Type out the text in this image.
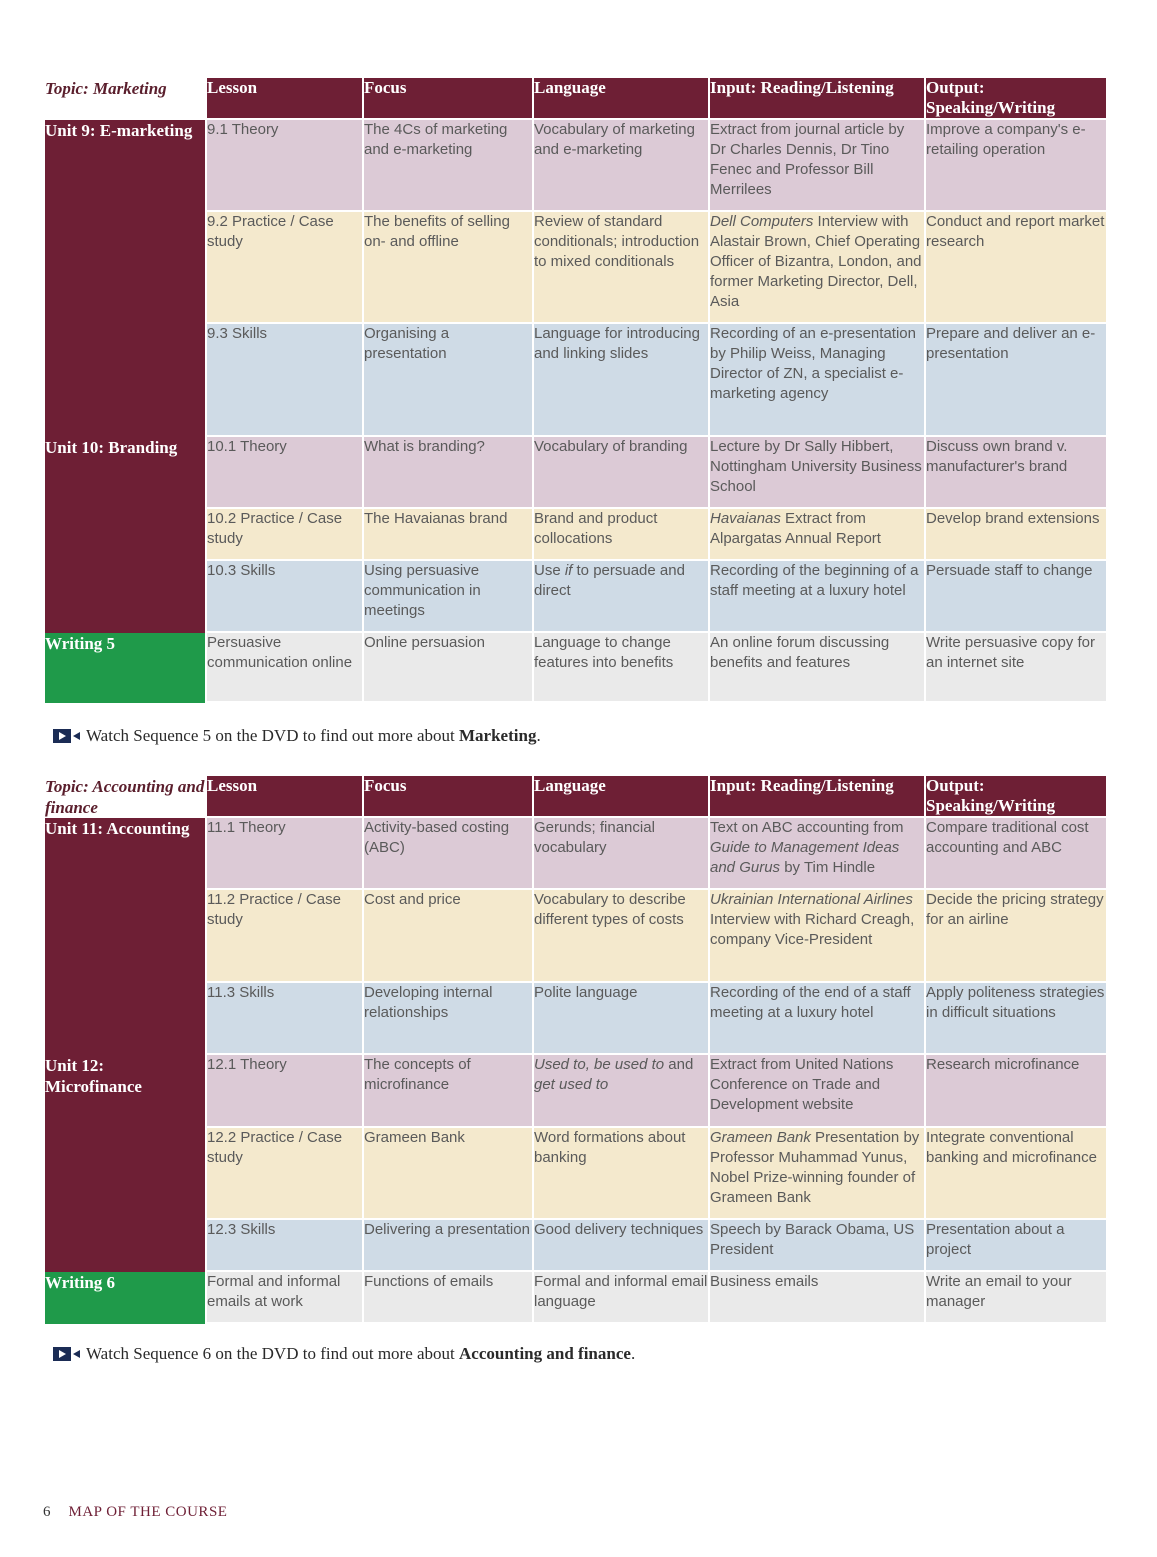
Topic: Marketing	Lesson	Focus	Language	Input: Reading/Listening	Output: Speaking/Writing
Unit 9: E-marketing	9.1 Theory	The 4Cs of marketing and e-marketing	Vocabulary of marketing and e-marketing	Extract from journal article by Dr Charles Dennis, Dr Tino Fenec and Professor Bill Merrilees	Improve a company's e-retailing operation
	9.2 Practice / Case study	The benefits of selling on- and offline	Review of standard conditionals; introduction to mixed conditionals	Dell Computers Interview with Alastair Brown, Chief Operating Officer of Bizantra, London, and former Marketing Director, Dell, Asia	Conduct and report market research
	9.3 Skills	Organising a presentation	Language for introducing and linking slides	Recording of an e-presentation by Philip Weiss, Managing Director of ZN, a specialist e-marketing agency	Prepare and deliver an e-presentation
Unit 10: Branding	10.1 Theory	What is branding?	Vocabulary of branding	Lecture by Dr Sally Hibbert, Nottingham University Business School	Discuss own brand v. manufacturer's brand
	10.2 Practice / Case study	The Havaianas brand	Brand and product collocations	Havaianas Extract from Alpargatas Annual Report	Develop brand extensions
	10.3 Skills	Using persuasive communication in meetings	Use if to persuade and direct	Recording of the beginning of a staff meeting at a luxury hotel	Persuade staff to change
Writing 5	Persuasive communication online	Online persuasion	Language to change features into benefits	An online forum discussing benefits and features	Write persuasive copy for an internet site
Watch Sequence 5 on the DVD to find out more about Marketing.
Topic: Accounting and finance	Lesson	Focus	Language	Input: Reading/Listening	Output: Speaking/Writing
Unit 11: Accounting	11.1 Theory	Activity-based costing (ABC)	Gerunds; financial vocabulary	Text on ABC accounting from Guide to Management Ideas and Gurus by Tim Hindle	Compare traditional cost accounting and ABC
	11.2 Practice / Case study	Cost and price	Vocabulary to describe different types of costs	Ukrainian International Airlines Interview with Richard Creagh, company Vice-President	Decide the pricing strategy for an airline
	11.3 Skills	Developing internal relationships	Polite language	Recording of the end of a staff meeting at a luxury hotel	Apply politeness strategies in difficult situations
Unit 12: Microfinance	12.1 Theory	The concepts of microfinance	Used to, be used to and get used to	Extract from United Nations Conference on Trade and Development website	Research microfinance
	12.2 Practice / Case study	Grameen Bank	Word formations about banking	Grameen Bank Presentation by Professor Muhammad Yunus, Nobel Prize-winning founder of Grameen Bank	Integrate conventional banking and microfinance
	12.3 Skills	Delivering a presentation	Good delivery techniques	Speech by Barack Obama, US President	Presentation about a project
Writing 6	Formal and informal emails at work	Functions of emails	Formal and informal email language	Business emails	Write an email to your manager
Watch Sequence 6 on the DVD to find out more about Accounting and finance.
6 MAP OF THE COURSE
